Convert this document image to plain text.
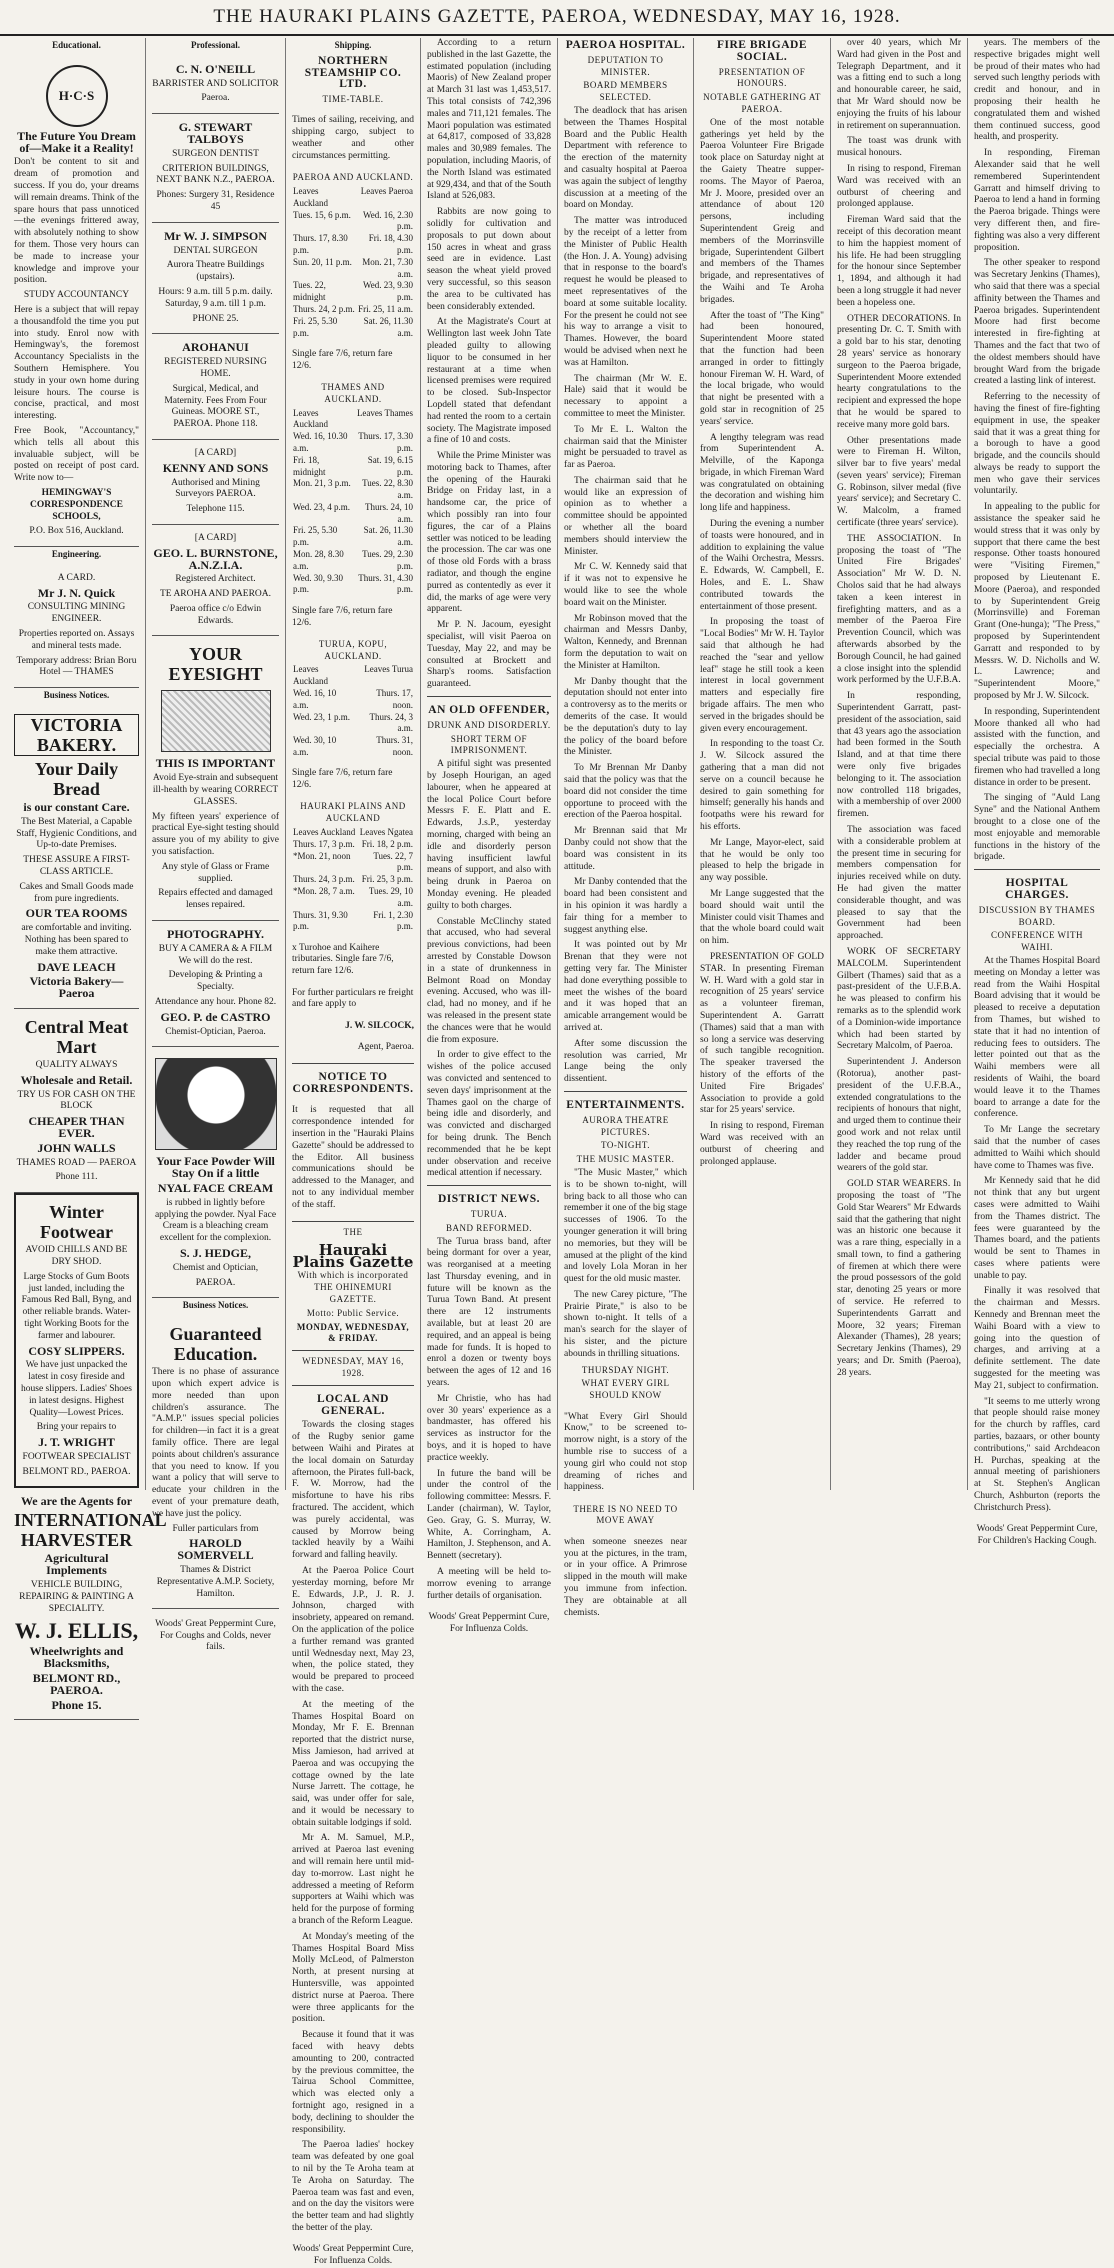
THE HAURAKI PLAINS GAZETTE, PAEROA, WEDNESDAY, MAY 16, 1928.
Educational.
H·C·S

The Future You Dream of—Make it a Reality!

Don't be content to sit and dream of promotion and success. If you do, your dreams will remain dreams. Think of the spare hours that pass unnoticed—the evenings frittered away, with absolutely nothing to show for them. Those very hours can be made to increase your knowledge and improve your position.

STUDY ACCOUNTANCY

Here is a subject that will repay a thousandfold the time you put into study. Enrol now with Hemingway's, the foremost Accountancy Specialists in the Southern Hemisphere. You study in your own home during leisure hours. The course is concise, practical, and most interesting.

Free Book, "Accountancy," which tells all about this invaluable subject, will be posted on receipt of post card. Write now to—

HEMINGWAY'S CORRESPONDENCE SCHOOLS,

P.O. Box 516, Auckland.

Engineering.

A CARD.

Mr J. N. Quick

CONSULTING MINING ENGINEER.

Properties reported on. Assays and mineral tests made.

Temporary address: Brian Boru Hotel — THAMES

Business Notices.

VICTORIA BAKERY.

Your Daily Bread

is our constant Care.

The Best Material, a Capable Staff, Hygienic Conditions, and Up-to-date Premises.

THESE ASSURE A FIRST-CLASS ARTICLE.

Cakes and Small Goods made from pure ingredients.

OUR TEA ROOMS

are comfortable and inviting. Nothing has been spared to make them attractive.

DAVE LEACH

Victoria Bakery—Paeroa

Central Meat Mart

QUALITY ALWAYS

Wholesale and Retail.

TRY US FOR CASH ON THE BLOCK

CHEAPER THAN EVER.

JOHN WALLS

THAMES ROAD — PAEROA

Phone 111.

Winter Footwear

AVOID CHILLS AND BE DRY SHOD.

Large Stocks of Gum Boots just landed, including the Famous Red Ball, Byng, and other reliable brands. Water-tight Working Boots for the farmer and labourer.

COSY SLIPPERS.

We have just unpacked the latest in cosy fireside and house slippers. Ladies' Shoes in latest designs. Highest Quality—Lowest Prices.

Bring your repairs to

J. T. WRIGHT

FOOTWEAR SPECIALIST

BELMONT RD., PAEROA.

We are the Agents for

INTERNATIONAL HARVESTER

Agricultural Implements

VEHICLE BUILDING, REPAIRING & PAINTING A SPECIALITY.

W. J. ELLIS,

Wheelwrights and Blacksmiths,

BELMONT RD., PAEROA.

Phone 15.

Professional.

C. N. O'NEILL

BARRISTER AND SOLICITOR

Paeroa.

G. STEWART TALBOYS

SURGEON DENTIST

CRITERION BUILDINGS, NEXT BANK N.Z., PAEROA.

Phones: Surgery 31, Residence 45

Mr W. J. SIMPSON

DENTAL SURGEON

Aurora Theatre Buildings (upstairs).

Hours: 9 a.m. till 5 p.m. daily. Saturday, 9 a.m. till 1 p.m.

PHONE 25.

AROHANUI

REGISTERED NURSING HOME.

Surgical, Medical, and Maternity. Fees From Four Guineas. MOORE ST., PAEROA. Phone 118.

[A CARD]

KENNY AND SONS

Authorised and Mining Surveyors PAEROA.

Telephone 115.

[A CARD]

GEO. L. BURNSTONE, A.N.Z.I.A.

Registered Architect.

TE AROHA AND PAEROA.

Paeroa office c/o Edwin Edwards.

YOUR EYESIGHT

THIS IS IMPORTANT

Avoid Eye-strain and subsequent ill-health by wearing CORRECT GLASSES.

My fifteen years' experience of practical Eye-sight testing should assure you of my ability to give you satisfaction.

Any style of Glass or Frame supplied.

Repairs effected and damaged lenses repaired.

PHOTOGRAPHY.

BUY A CAMERA & A FILM We will do the rest.

Developing & Printing a Specialty.

Attendance any hour. Phone 82.

GEO. P. de CASTRO

Chemist-Optician, Paeroa.

Your Face Powder Will Stay On if a little

NYAL FACE CREAM

is rubbed in lightly before applying the powder. Nyal Face Cream is a bleaching cream excellent for the complexion.

S. J. HEDGE,

Chemist and Optician,

PAEROA.

Business Notices.

Guaranteed Education.

There is no phase of assurance upon which expert advice is more needed than upon children's assurance. The "A.M.P." issues special policies for children—in fact it is a great family office. There are legal points about children's assurance that you need to know. If you want a policy that will serve to educate your children in the event of your premature death, we have just the policy.

Fuller particulars from

HAROLD SOMERVELL

Thames & District Representative A.M.P. Society, Hamilton.

Woods' Great Peppermint Cure, For Coughs and Colds, never fails.

Shipping.

NORTHERN STEAMSHIP CO. LTD.

TIME-TABLE.

Times of sailing, receiving, and shipping cargo, subject to weather and other circumstances permitting.

PAEROA AND AUCKLAND.

Leaves Auckland	Leaves Paeroa
Tues. 15, 6 p.m.	Wed. 16, 2.30 p.m.
Thurs. 17, 8.30 p.m.	Fri. 18, 4.30 p.m.
Sun. 20, 11 p.m.	Mon. 21, 7.30 a.m.
Tues. 22, midnight	Wed. 23, 9.30 p.m.
Thurs. 24, 2 p.m.	Fri. 25, 11 a.m.
Fri. 25, 5.30 p.m.	Sat. 26, 11.30 a.m.

Single fare 7/6, return fare 12/6.

THAMES AND AUCKLAND.

Leaves Auckland	Leaves Thames
Wed. 16, 10.30 a.m.	Thurs. 17, 3.30 p.m.
Fri. 18, midnight	Sat. 19, 6.15 p.m.
Mon. 21, 3 p.m.	Tues. 22, 8.30 a.m.
Wed. 23, 4 p.m.	Thurs. 24, 10 a.m.
Fri. 25, 5.30 p.m.	Sat. 26, 11.30 a.m.
Mon. 28, 8.30 a.m.	Tues. 29, 2.30 p.m.
Wed. 30, 9.30 p.m.	Thurs. 31, 4.30 p.m.

Single fare 7/6, return fare 12/6.

TURUA, KOPU, AUCKLAND.

Leaves Auckland	Leaves Turua
Wed. 16, 10 a.m.	Thurs. 17, noon.
Wed. 23, 1 p.m.	Thurs. 24, 3 a.m.
Wed. 30, 10 a.m.	Thurs. 31, noon.

Single fare 7/6, return fare 12/6.

HAURAKI PLAINS AND AUCKLAND

Leaves Auckland	Leaves Ngatea
Thurs. 17, 3 p.m.	Fri. 18, 2 p.m.
*Mon. 21, noon	Tues. 22, 7 p.m.
Thurs. 24, 3 p.m.	Fri. 25, 3 p.m.
*Mon. 28, 7 a.m.	Tues. 29, 10 a.m.
Thurs. 31, 9.30 p.m.	Fri. 1, 2.30 p.m.

x Turohoe and Kaihere tributaries. Single fare 7/6, return fare 12/6.

For further particulars re freight and fare apply to

J. W. SILCOCK,

Agent, Paeroa.

NOTICE TO CORRESPONDENTS.

It is requested that all correspondence intended for insertion in the "Hauraki Plains Gazette" should be addressed to the Editor. All business communications should be addressed to the Manager, and not to any individual member of the staff.

THE

Hauraki Plains Gazette

With which is incorporated THE OHINEMURI GAZETTE.

Motto: Public Service.

MONDAY, WEDNESDAY, & FRIDAY.

WEDNESDAY, MAY 16, 1928.

LOCAL AND GENERAL.

Towards the closing stages of the Rugby senior game between Waihi and Pirates at the local domain on Saturday afternoon, the Pirates full-back, F. W. Morrow, had the misfortune to have his ribs fractured. The accident, which was purely accidental, was caused by Morrow being tackled heavily by a Waihi forward and falling heavily.

At the Paeroa Police Court yesterday morning, before Mr E. Edwards, J.P., J. R. J. Johnson, charged with insobriety, appeared on remand. On the application of the police a further remand was granted until Wednesday next, May 23, when, the police stated, they would be prepared to proceed with the case.

At the meeting of the Thames Hospital Board on Monday, Mr F. E. Brennan reported that the district nurse, Miss Jamieson, had arrived at Paeroa and was occupying the cottage owned by the late Nurse Jarrett. The cottage, he said, was under offer for sale, and it would be necessary to obtain suitable lodgings if sold.

Mr A. M. Samuel, M.P., arrived at Paeroa last evening and will remain here until mid-day to-morrow. Last night he addressed a meeting of Reform supporters at Waihi which was held for the purpose of forming a branch of the Reform League.

At Monday's meeting of the Thames Hospital Board Miss Molly McLeod, of Palmerston North, at present nursing at Huntersville, was appointed district nurse at Paeroa. There were three applicants for the position.

Because it found that it was faced with heavy debts amounting to 200, contracted by the previous committee, the Tairua School Committee, which was elected only a fortnight ago, resigned in a body, declining to shoulder the responsibility.

The Paeroa ladies' hockey team was defeated by one goal to nil by the Te Aroha team at Te Aroha on Saturday. The Paeroa team was fast and even, and on the day the visitors were the better team and had slightly the better of the play.

Woods' Great Peppermint Cure, For Influenza Colds.

According to a return published in the last Gazette, the estimated population (including Maoris) of New Zealand proper at March 31 last was 1,453,517. This total consists of 742,396 males and 711,121 females. The Maori population was estimated at 64,817, composed of 33,828 males and 30,989 females. The population, including Maoris, of the North Island was estimated at 929,434, and that of the South Island at 526,083.

Rabbits are now going to solidly for cultivation and proposals to put down about 150 acres in wheat and grass seed are in evidence. Last season the wheat yield proved very successful, so this season the area to be cultivated has been considerably extended.

At the Magistrate's Court at Wellington last week John Tate pleaded guilty to allowing liquor to be consumed in her restaurant at a time when licensed premises were required to be closed. Sub-Inspector Lopdell stated that defendant had rented the room to a certain society. The Magistrate imposed a fine of 10 and costs.

While the Prime Minister was motoring back to Thames, after the opening of the Hauraki Bridge on Friday last, in a handsome car, the price of which possibly ran into four figures, the car of a Plains settler was noticed to be leading the procession. The car was one of those old Fords with a brass radiator, and though the engine purred as contentedly as ever it did, the marks of age were very apparent.

Mr P. N. Jacoum, eyesight specialist, will visit Paeroa on Tuesday, May 22, and may be consulted at Brockett and Sharp's rooms. Satisfaction guaranteed.

AN OLD OFFENDER,

DRUNK AND DISORDERLY.

SHORT TERM OF IMPRISONMENT.

A pitiful sight was presented by Joseph Hourigan, an aged labourer, when he appeared at the local Police Court before Messrs F. E. Platt and E. Edwards, J.s.P., yesterday morning, charged with being an idle and disorderly person having insufficient lawful means of support, and also with being drunk in Paeroa on Monday evening. He pleaded guilty to both charges.

Constable McClinchy stated that accused, who had several previous convictions, had been arrested by Constable Dowson in a state of drunkenness in Belmont Road on Monday evening. Accused, who was ill-clad, had no money, and if he was released in the present state the chances were that he would die from exposure.

In order to give effect to the wishes of the police accused was convicted and sentenced to seven days' imprisonment at the Thames gaol on the charge of being idle and disorderly, and was convicted and discharged for being drunk. The Bench recommended that he be kept under observation and receive medical attention if necessary.

DISTRICT NEWS.

TURUA.

BAND REFORMED.

The Turua brass band, after being dormant for over a year, was reorganised at a meeting last Thursday evening, and in future will be known as the Turua Town Band. At present there are 12 instruments available, but at least 20 are required, and an appeal is being made for funds. It is hoped to enrol a dozen or twenty boys between the ages of 12 and 16 years.

Mr Christie, who has had over 30 years' experience as a bandmaster, has offered his services as instructor for the boys, and it is hoped to have practice weekly.

In future the band will be under the control of the following committee: Messrs. F. Lander (chairman), W. Taylor, Geo. Gray, G. S. Murray, W. White, A. Corringham, A. Hamilton, J. Stephenson, and A. Bennett (secretary).

A meeting will be held to-morrow evening to arrange further details of organisation.

Woods' Great Peppermint Cure, For Influenza Colds.

PAEROA HOSPITAL.

DEPUTATION TO MINISTER.

BOARD MEMBERS SELECTED.

The deadlock that has arisen between the Thames Hospital Board and the Public Health Department with reference to the erection of the maternity and casualty hospital at Paeroa was again the subject of lengthy discussion at a meeting of the board on Monday.

The matter was introduced by the receipt of a letter from the Minister of Public Health (the Hon. J. A. Young) advising that in response to the board's request he would be pleased to meet representatives of the board at some suitable locality. For the present he could not see his way to arrange a visit to Thames. However, the board would be advised when next he was at Hamilton.

The chairman (Mr W. E. Hale) said that it would be necessary to appoint a committee to meet the Minister.

To Mr E. L. Walton the chairman said that the Minister might be persuaded to travel as far as Paeroa.

The chairman said that he would like an expression of opinion as to whether a committee should be appointed or whether all the board members should interview the Minister.

Mr C. W. Kennedy said that if it was not to expensive he would like to see the whole board wait on the Minister.

Mr Robinson moved that the chairman and Messrs Danby, Walton, Kennedy, and Brennan form the deputation to wait on the Minister at Hamilton.

Mr Danby thought that the deputation should not enter into a controversy as to the merits or demerits of the case. It would be the deputation's duty to lay the policy of the board before the Minister.

To Mr Brennan Mr Danby said that the policy was that the board did not consider the time opportune to proceed with the erection of the Paeroa hospital.

Mr Brennan said that Mr Danby could not show that the board was consistent in its attitude.

Mr Danby contended that the board had been consistent and in his opinion it was hardly a fair thing for a member to suggest anything else.

It was pointed out by Mr Brenan that they were not getting very far. The Minister had done everything possible to meet the wishes of the board and it was hoped that an amicable arrangement would be arrived at.

After some discussion the resolution was carried, Mr Lange being the only dissentient.

ENTERTAINMENTS.

AURORA THEATRE PICTURES.

TO-NIGHT.

THE MUSIC MASTER.

"The Music Master," which is to be shown to-night, will bring back to all those who can remember it one of the big stage successes of 1906. To the younger generation it will bring no memories, but they will be amused at the plight of the kind and lovely Lola Moran in her quest for the old music master.

The new Carey picture, "The Prairie Pirate," is also to be shown to-night. It tells of a man's search for the slayer of his sister, and the picture abounds in thrilling situations.

THURSDAY NIGHT.

WHAT EVERY GIRL SHOULD KNOW

"What Every Girl Should Know," to be screened to-morrow night, is a story of the humble rise to success of a young girl who could not stop dreaming of riches and happiness.

THERE IS NO NEED TO MOVE AWAY

when someone sneezes near you at the pictures, in the tram, or in your office. A Primrose slipped in the mouth will make you immune from infection. They are obtainable at all chemists.

FIRE BRIGADE SOCIAL.

PRESENTATION OF HONOURS.

NOTABLE GATHERING AT PAEROA.

One of the most notable gatherings yet held by the Paeroa Volunteer Fire Brigade took place on Saturday night at the Gaiety Theatre supper-rooms. The Mayor of Paeroa, Mr J. Moore, presided over an attendance of about 120 persons, including Superintendent Greig and members of the Morrinsville brigade, Superintendent Gilbert and members of the Thames brigade, and representatives of the Waihi and Te Aroha brigades.

After the toast of "The King" had been honoured, Superintendent Moore stated that the function had been arranged in order to fittingly honour Fireman W. H. Ward, of the local brigade, who would that night be presented with a gold star in recognition of 25 years' service.

A lengthy telegram was read from Superintendent A. Melville, of the Kaponga brigade, in which Fireman Ward was congratulated on obtaining the decoration and wishing him long life and happiness.

During the evening a number of toasts were honoured, and in addition to explaining the value of the Waihi Orchestra, Messrs. E. Edwards, W. Campbell, E. Holes, and E. L. Shaw contributed towards the entertainment of those present.

In proposing the toast of "Local Bodies" Mr W. H. Taylor said that although he had reached the "sear and yellow leaf" stage he still took a keen interest in local government matters and especially fire brigade affairs. The men who served in the brigades should be given every encouragement.

In responding to the toast Cr. J. W. Silcock assured the gathering that a man did not serve on a council because he desired to gain something for himself; generally his hands and footpaths were his reward for his efforts.

Mr Lange, Mayor-elect, said that he would be only too pleased to help the brigade in any way possible.

Mr Lange suggested that the board should wait until the Minister could visit Thames and that the whole board could wait on him.

PRESENTATION OF GOLD STAR. In presenting Fireman W. H. Ward with a gold star in recognition of 25 years' service as a volunteer fireman, Superintendent A. Garratt (Thames) said that a man with so long a service was deserving of such tangible recognition. The speaker traversed the history of the efforts of the United Fire Brigades' Association to provide a gold star for 25 years' service.

In rising to respond, Fireman Ward was received with an outburst of cheering and prolonged applause.

over 40 years, which Mr Ward had given in the Post and Telegraph Department, and it was a fitting end to such a long and honourable career, he said, that Mr Ward should now be enjoying the fruits of his labour in retirement on superannuation.

The toast was drunk with musical honours.

In rising to respond, Fireman Ward was received with an outburst of cheering and prolonged applause.

Fireman Ward said that the receipt of this decoration meant to him the happiest moment of his life. He had been struggling for the honour since September 1, 1894, and although it had been a long struggle it had never been a hopeless one.

OTHER DECORATIONS. In presenting Dr. C. T. Smith with a gold bar to his star, denoting 28 years' service as honorary surgeon to the Paeroa brigade, Superintendent Moore extended hearty congratulations to the recipient and expressed the hope that he would be spared to receive many more gold bars.

Other presentations made were to Fireman H. Wilton, silver bar to five years' medal (seven years' service); Fireman G. Robinson, silver medal (five years' service); and Secretary C. W. Malcolm, a framed certificate (three years' service).

THE ASSOCIATION. In proposing the toast of "The United Fire Brigades' Association" Mr W. D. N. Cholos said that he had always taken a keen interest in firefighting matters, and as a member of the Paeroa Fire Prevention Council, which was afterwards absorbed by the Borough Council, he had gained a close insight into the splendid work performed by the U.F.B.A.

In responding, Superintendent Garratt, past-president of the association, said that 43 years ago the association had been formed in the South Island, and at that time there were only five brigades belonging to it. The association now controlled 118 brigades, with a membership of over 2000 firemen.

The association was faced with a considerable problem at the present time in securing for members compensation for injuries received while on duty. He had given the matter considerable thought, and was pleased to say that the Government had been approached.

WORK OF SECRETARY MALCOLM. Superintendent Gilbert (Thames) said that as a past-president of the U.F.B.A. he was pleased to confirm his remarks as to the splendid work of a Dominion-wide importance which had been started by Secretary Malcolm, of Paeroa.

Superintendent J. Anderson (Rotorua), another past-president of the U.F.B.A., extended congratulations to the recipients of honours that night, and urged them to continue their good work and not relax until they reached the top rung of the ladder and became proud wearers of the gold star.

GOLD STAR WEARERS. In proposing the toast of "The Gold Star Wearers" Mr Edwards said that the gathering that night was an historic one because it was a rare thing, especially in a small town, to find a gathering of firemen at which there were the proud possessors of the gold star, denoting 25 years or more of service. He referred to Superintendents Garratt and Moore, 32 years; Fireman Alexander (Thames), 28 years; Secretary Jenkins (Thames), 29 years; and Dr. Smith (Paeroa), 28 years.

years. The members of the respective brigades might well be proud of their mates who had served such lengthy periods with credit and honour, and in proposing their health he congratulated them and wished them continued success, good health, and prosperity.

In responding, Fireman Alexander said that he well remembered Superintendent Garratt and himself driving to Paeroa to lend a hand in forming the Paeroa brigade. Things were very different then, and fire-fighting was also a very different proposition.

The other speaker to respond was Secretary Jenkins (Thames), who said that there was a special affinity between the Thames and Paeroa brigades. Superintendent Moore had first become interested in fire-fighting at Thames and the fact that two of the oldest members should have brought Ward from the brigade created a lasting link of interest.

Referring to the necessity of having the finest of fire-fighting equipment in use, the speaker said that it was a great thing for a borough to have a good brigade, and the councils should always be ready to support the men who gave their services voluntarily.

In appealing to the public for assistance the speaker said he would stress that it was only by support that there came the best response. Other toasts honoured were "Visiting Firemen," proposed by Lieutenant E. Moore (Paeroa), and responded to by Superintendent Greig (Morrinsville) and Foreman Grant (One-hunga); "The Press," proposed by Superintendent Garratt and responded to by Messrs. W. D. Nicholls and W. L. Lawrence; and "Superintendent Moore," proposed by Mr J. W. Silcock.

In responding, Superintendent Moore thanked all who had assisted with the function, and especially the orchestra. A special tribute was paid to those firemen who had travelled a long distance in order to be present.

The singing of "Auld Lang Syne" and the National Anthem brought to a close one of the most enjoyable and memorable functions in the history of the brigade.

HOSPITAL CHARGES.

DISCUSSION BY THAMES BOARD.

CONFERENCE WITH WAIHI.

At the Thames Hospital Board meeting on Monday a letter was read from the Waihi Hospital Board advising that it would be pleased to receive a deputation from Thames, but wished to state that it had no intention of reducing fees to outsiders. The letter pointed out that as the Waihi members were all residents of Waihi, the board would leave it to the Thames board to arrange a date for the conference.

To Mr Lange the secretary said that the number of cases admitted to Waihi which should have come to Thames was five.

Mr Kennedy said that he did not think that any but urgent cases were admitted to Waihi from the Thames district. The fees were guaranteed by the Thames board, and the patients would be sent to Thames in cases where patients were unable to pay.

Finally it was resolved that the chairman and Messrs. Kennedy and Brennan meet the Waihi Board with a view to going into the question of charges, and arriving at a definite settlement. The date suggested for the meeting was May 21, subject to confirmation.

"It seems to me utterly wrong that people should raise money for the church by raffles, card parties, bazaars, or other bounty contributions," said Archdeacon H. Purchas, speaking at the annual meeting of parishioners at St. Stephen's Anglican Church, Ashburton (reports the Christchurch Press).

Woods' Great Peppermint Cure, For Children's Hacking Cough.
